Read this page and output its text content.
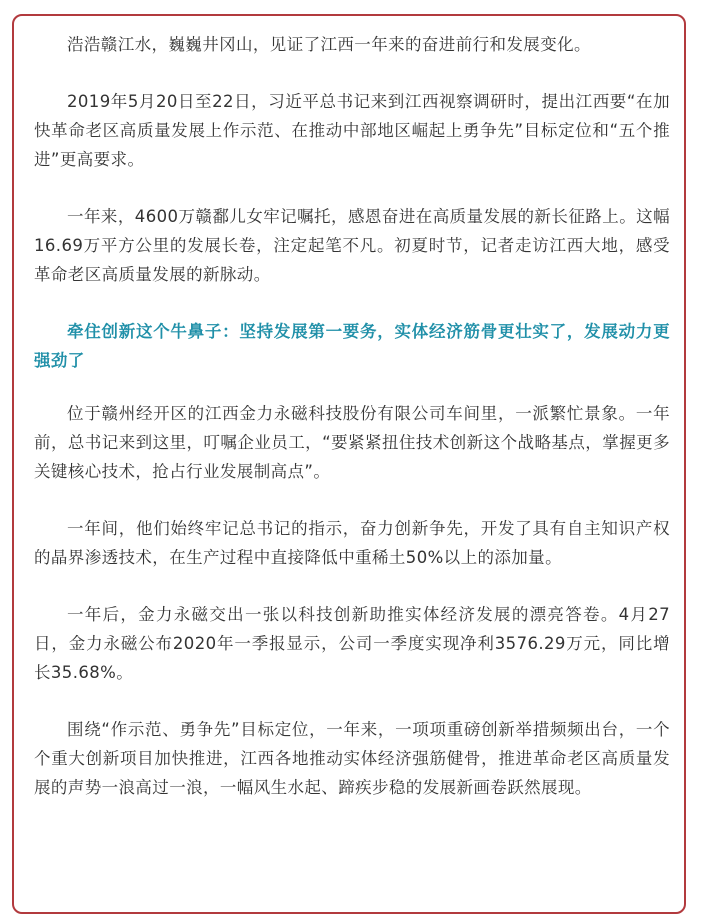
浩浩赣江水，巍巍井冈山，见证了江西一年来的奋进前行和发展变化。

2019年5月20日至22日，习近平总书记来到江西视察调研时，提出江西要“在加快革命老区高质量发展上作示范、在推动中部地区崛起上勇争先”目标定位和“五个推进”更高要求。

一年来，4600万赣鄱儿女牢记嘱托，感恩奋进在高质量发展的新长征路上。这幅16.69万平方公里的发展长卷，注定起笔不凡。初夏时节，记者走访江西大地，感受革命老区高质量发展的新脉动。

牵住创新这个牛鼻子：坚持发展第一要务，实体经济筋骨更壮实了，发展动力更强劲了

位于赣州经开区的江西金力永磁科技股份有限公司车间里，一派繁忙景象。一年前，总书记来到这里，叮嘱企业员工，“要紧紧扭住技术创新这个战略基点，掌握更多关键核心技术，抢占行业发展制高点”。

一年间，他们始终牢记总书记的指示，奋力创新争先，开发了具有自主知识产权的晶界渗透技术，在生产过程中直接降低中重稀土50%以上的添加量。

一年后，金力永磁交出一张以科技创新助推实体经济发展的漂亮答卷。4月27日，金力永磁公布2020年一季报显示，公司一季度实现净利3576.29万元，同比增长35.68%。

围绕“作示范、勇争先”目标定位，一年来，一项项重磅创新举措频频出台，一个个重大创新项目加快推进，江西各地推动实体经济强筋健骨，推进革命老区高质量发展的声势一浪高过一浪，一幅风生水起、蹄疾步稳的发展新画卷跃然展现。
